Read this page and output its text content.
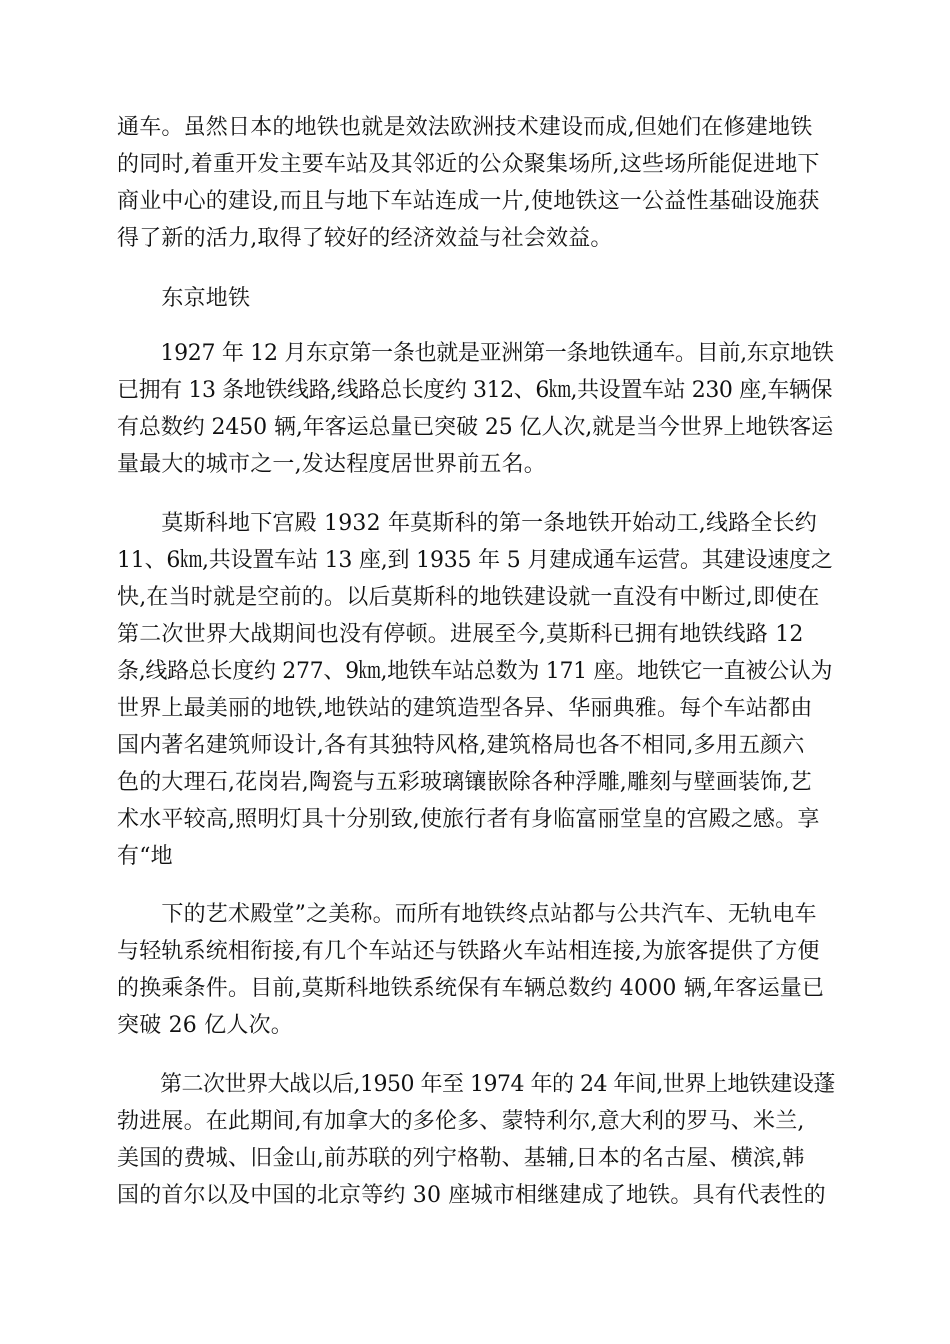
通车。虽然日本的地铁也就是效法欧洲技术建设而成,但她们在修建地铁
的同时,着重开发主要车站及其邻近的公众聚集场所,这些场所能促进地下
商业中心的建设,而且与地下车站连成一片,使地铁这一公益性基础设施获
得了新的活力,取得了较好的经济效益与社会效益。
　　东京地铁
　　1927 年 12 月东京第一条也就是亚洲第一条地铁通车。目前,东京地铁
已拥有 13 条地铁线路,线路总长度约 312、6㎞,共设置车站 230 座,车辆保
有总数约 2450 辆,年客运总量已突破 25 亿人次,就是当今世界上地铁客运
量最大的城市之一,发达程度居世界前五名。
　　莫斯科地下宫殿 1932 年莫斯科的第一条地铁开始动工,线路全长约
11、6㎞,共设置车站 13 座,到 1935 年 5 月建成通车运营。其建设速度之
快,在当时就是空前的。以后莫斯科的地铁建设就一直没有中断过,即使在
第二次世界大战期间也没有停顿。进展至今,莫斯科已拥有地铁线路 12
条,线路总长度约 277、9㎞,地铁车站总数为 171 座。地铁它一直被公认为
世界上最美丽的地铁,地铁站的建筑造型各异、华丽典雅。每个车站都由
国内著名建筑师设计,各有其独特风格,建筑格局也各不相同,多用五颜六
色的大理石,花岗岩,陶瓷与五彩玻璃镶嵌除各种浮雕,雕刻与壁画装饰,艺
术水平较高,照明灯具十分别致,使旅行者有身临富丽堂皇的宫殿之感。享
有“地
　　下的艺术殿堂”之美称。而所有地铁终点站都与公共汽车、无轨电车
与轻轨系统相衔接,有几个车站还与铁路火车站相连接,为旅客提供了方便
的换乘条件。目前,莫斯科地铁系统保有车辆总数约 4000 辆,年客运量已
突破 26 亿人次。
　　第二次世界大战以后,1950 年至 1974 年的 24 年间,世界上地铁建设蓬
勃进展。在此期间,有加拿大的多伦多、蒙特利尔,意大利的罗马、米兰,
美国的费城、旧金山,前苏联的列宁格勒、基辅,日本的名古屋、横滨,韩
国的首尔以及中国的北京等约 30 座城市相继建成了地铁。具有代表性的
